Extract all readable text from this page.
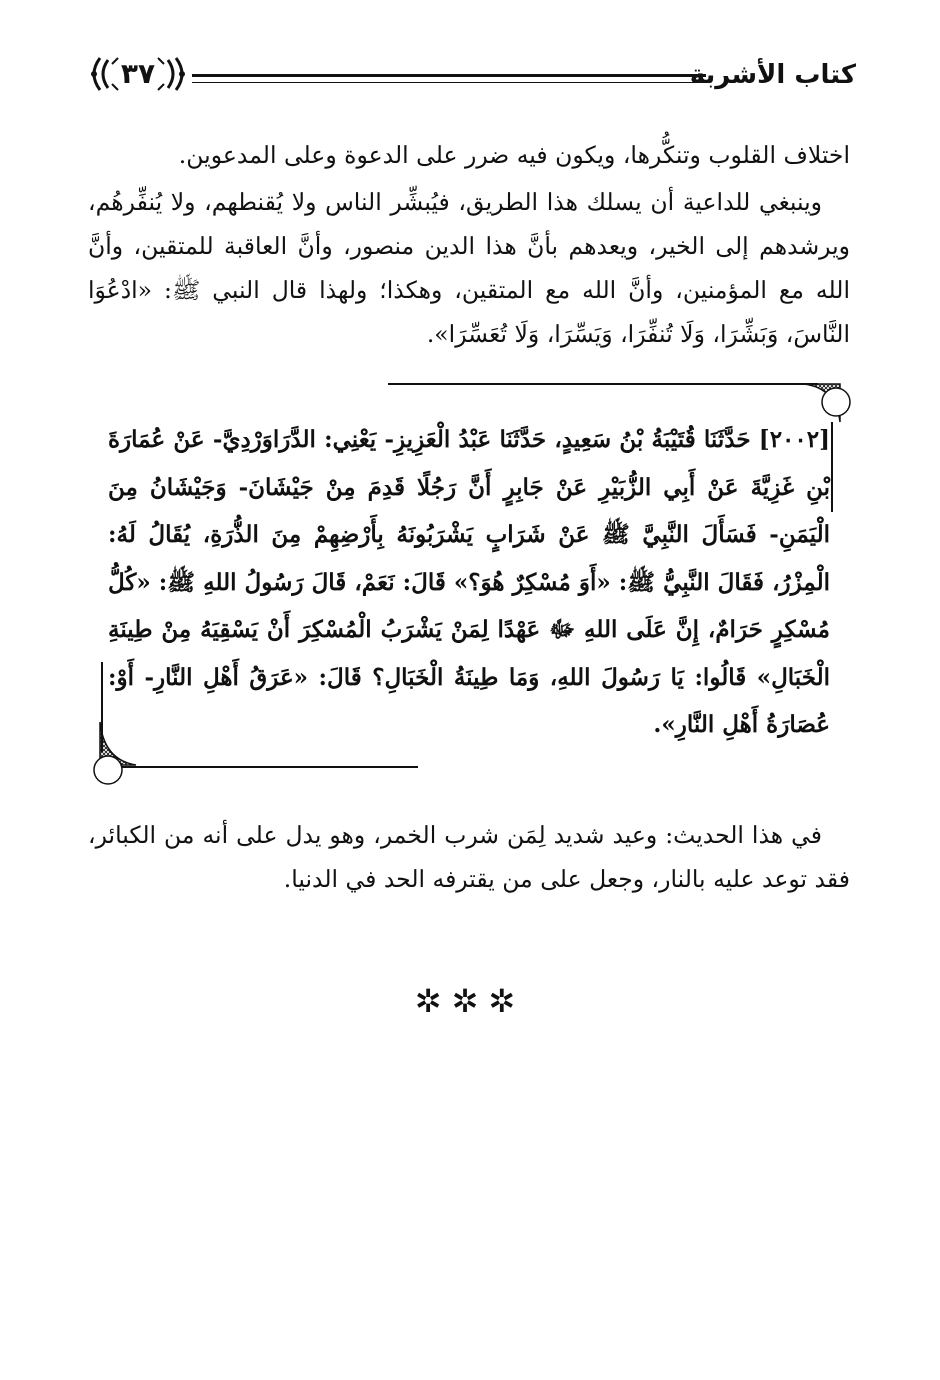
كتاب الأشربة
٣٧
اختلاف القلوب وتنكُّرها، ويكون فيه ضرر على الدعوة وعلى المدعوين.
وينبغي للداعية أن يسلك هذا الطريق، فيُبشِّر الناس ولا يُقنطهم، ولا يُنفِّرهُم، ويرشدهم إلى الخير، ويعدهم بأنَّ هذا الدين منصور، وأنَّ العاقبة للمتقين، وأنَّ الله مع المؤمنين، وأنَّ الله مع المتقين، وهكذا؛ ولهذا قال النبي ﷺ: «ادْعُوَا النَّاسَ، وَبَشِّرَا، وَلَا تُنفِّرَا، وَيَسِّرَا، وَلَا تُعَسِّرَا».
[٢٠٠٢] حَدَّثَنَا قُتَيْبَةُ بْنُ سَعِيدٍ، حَدَّثَنَا عَبْدُ الْعَزِيزِ- يَعْنِي: الدَّرَاوَرْدِيَّ- عَنْ عُمَارَةَ بْنِ غَزِيَّةَ عَنْ أَبِي الزُّبَيْرِ عَنْ جَابِرٍ أَنَّ رَجُلًا قَدِمَ مِنْ جَيْشَانَ- وَجَيْشَانُ مِنَ الْيَمَنِ- فَسَأَلَ النَّبِيَّ ﷺ عَنْ شَرَابٍ يَشْرَبُونَهُ بِأَرْضِهِمْ مِنَ الذُّرَةِ، يُقَالُ لَهُ: الْمِزْرُ، فَقَالَ النَّبِيُّ ﷺ: «أَوَ مُسْكِرٌ هُوَ؟» قَالَ: نَعَمْ، قَالَ رَسُولُ اللهِ ﷺ: «كُلُّ مُسْكِرٍ حَرَامٌ، إِنَّ عَلَى اللهِ ﷻ عَهْدًا لِمَنْ يَشْرَبُ الْمُسْكِرَ أَنْ يَسْقِيَهُ مِنْ طِينَةِ الْخَبَالِ» قَالُوا: يَا رَسُولَ اللهِ، وَمَا طِينَةُ الْخَبَالِ؟ قَالَ: «عَرَقُ أَهْلِ النَّارِ- أَوْ: عُصَارَةُ أَهْلِ النَّارِ».
في هذا الحديث: وعيد شديد لِمَن شرب الخمر، وهو يدل على أنه من الكبائر، فقد توعد عليه بالنار، وجعل على من يقترفه الحد في الدنيا.
✲✲✲
